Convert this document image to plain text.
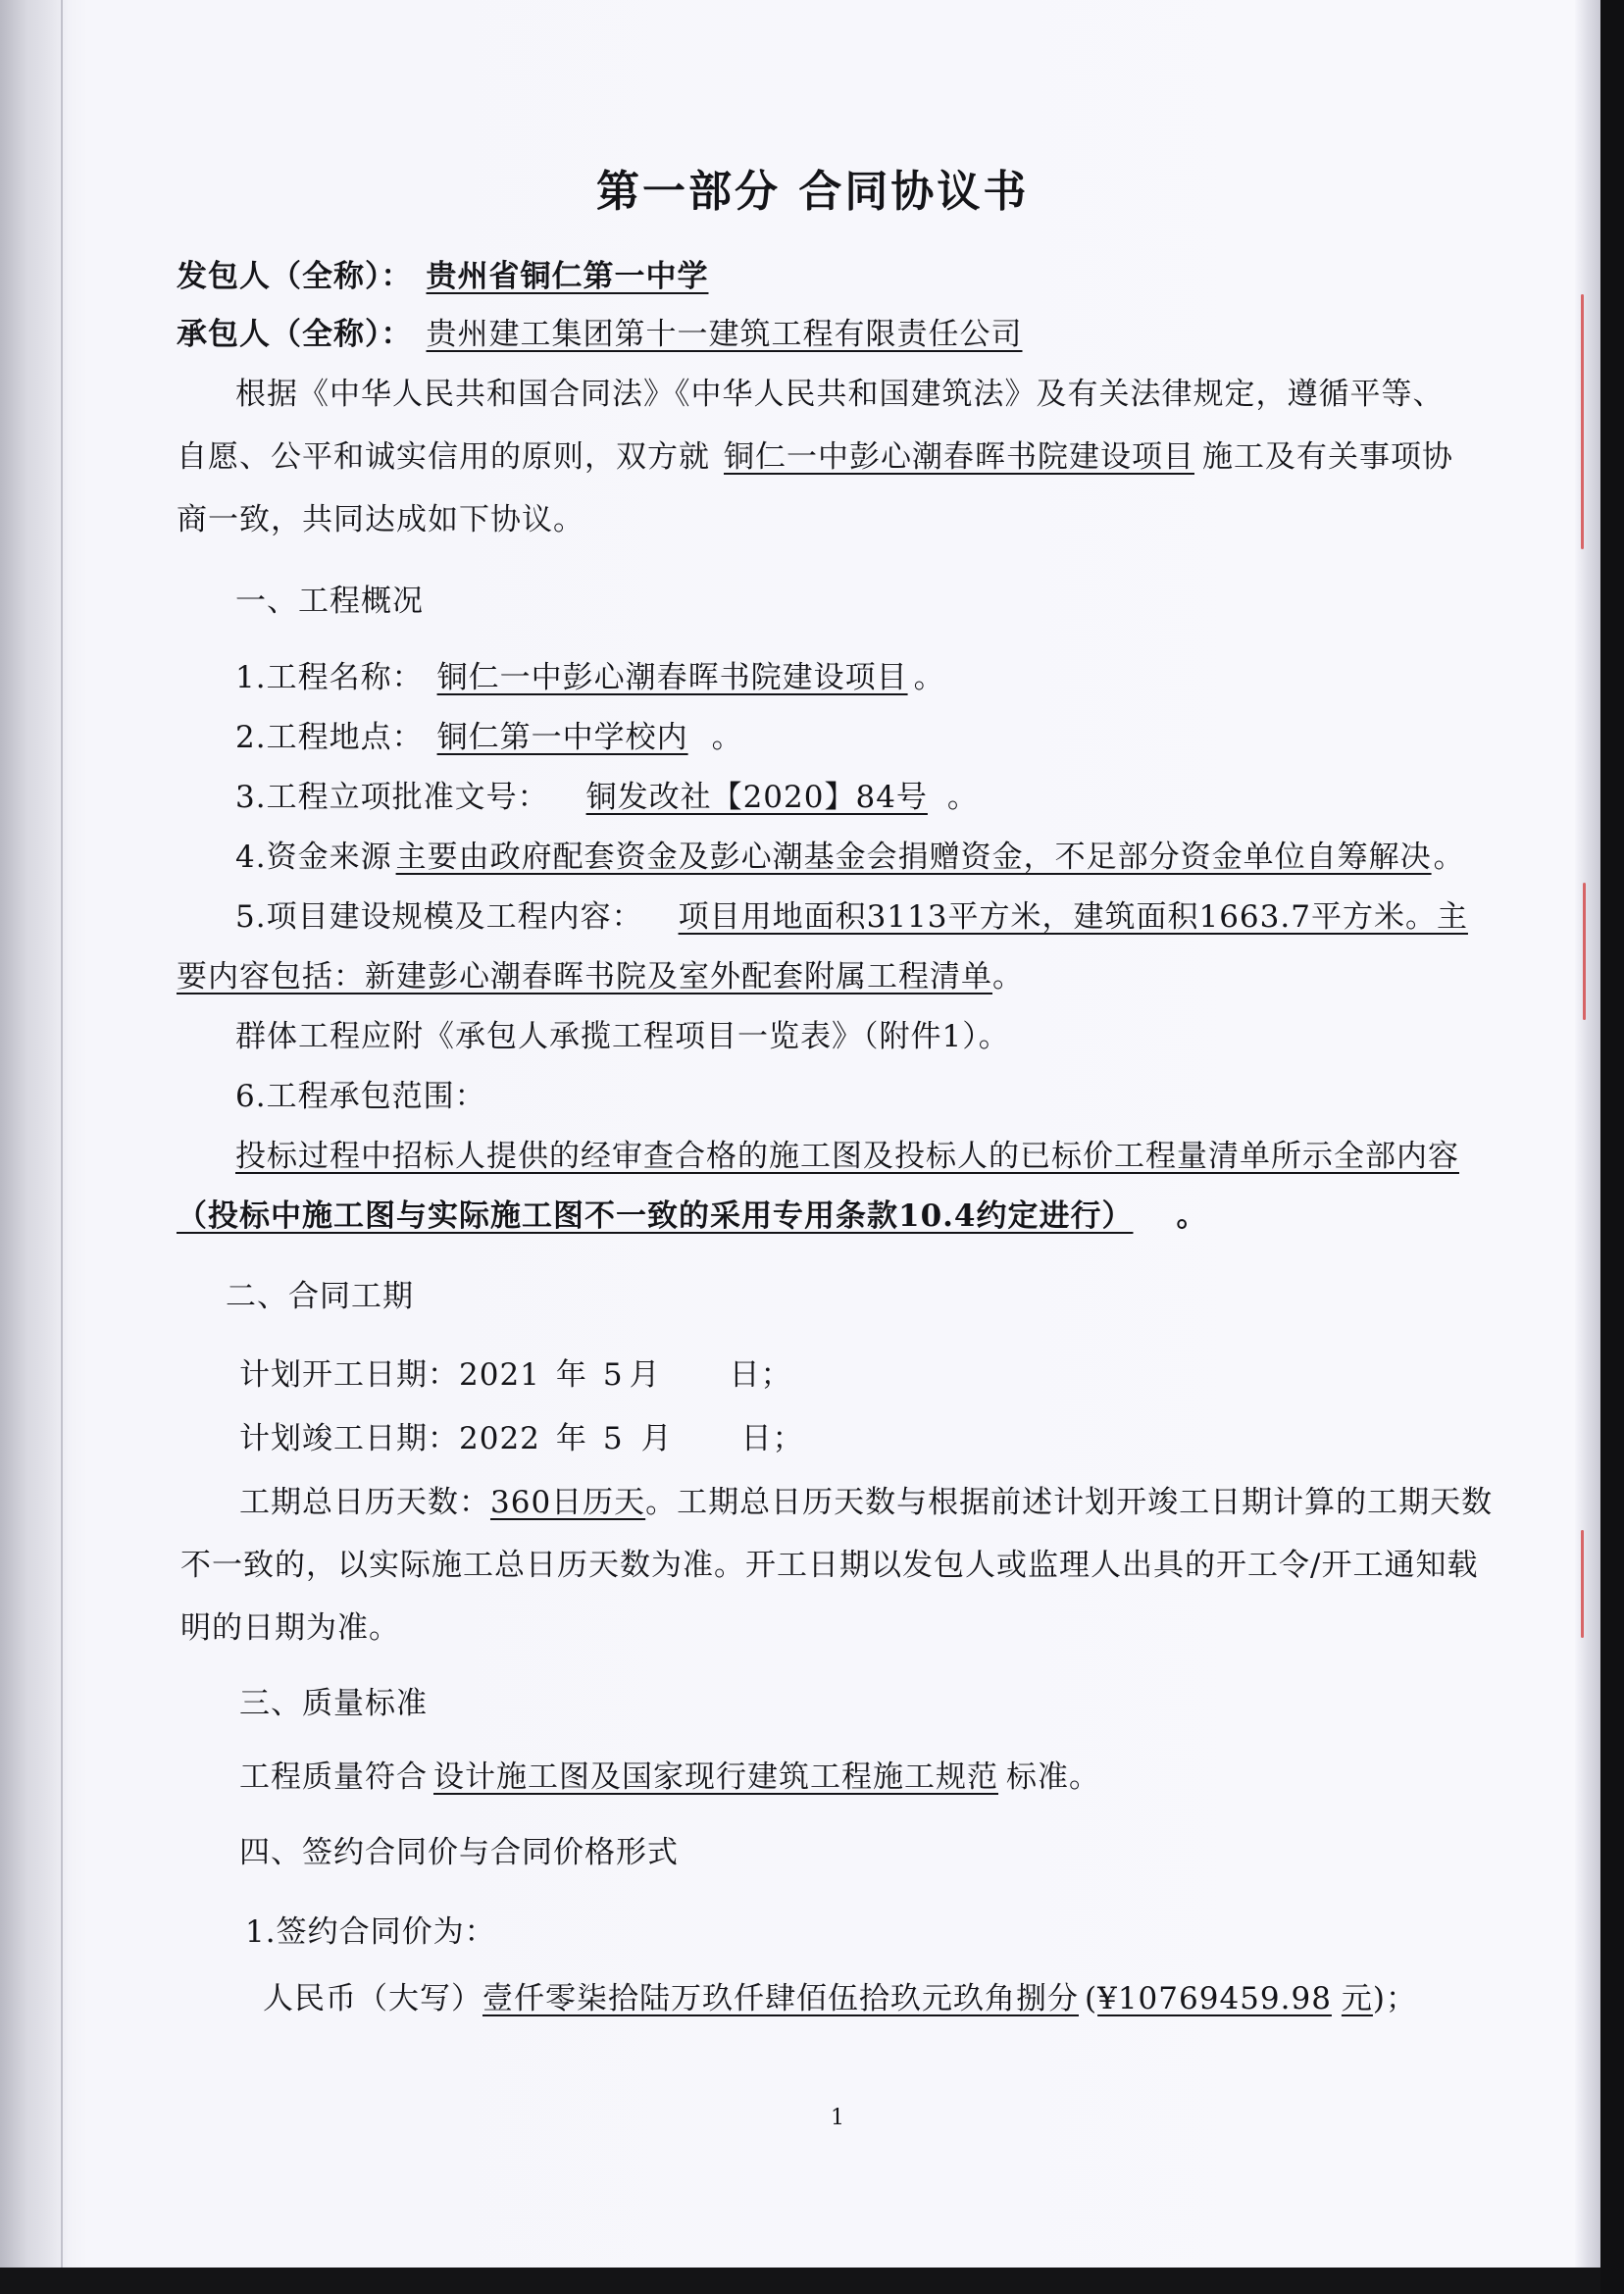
第一部分 合同协议书
发包人（全称）： 贵州省铜仁第一中学
承包人（全称）： 贵州建工集团第十一建筑工程有限责任公司
根据《中华人民共和国合同法》《中华人民共和国建筑法》及有关法律规定，遵循平等、
自愿、公平和诚实信用的原则，双方就 铜仁一中彭心潮春晖书院建设项目 施工及有关事项协
商一致，共同达成如下协议。
一、工程概况
1.工程名称： 铜仁一中彭心潮春晖书院建设项目 。
2.工程地点： 铜仁第一中学校内 。
3.工程立项批准文号： 铜发改社【2020】84号 。
4.资金来源 主要由政府配套资金及彭心潮基金会捐赠资金，不足部分资金单位自筹解决。
5.项目建设规模及工程内容： 项目用地面积3113平方米，建筑面积1663.7平方米。主
要内容包括：新建彭心潮春晖书院及室外配套附属工程清单。
群体工程应附《承包人承揽工程项目一览表》（附件1）。
6.工程承包范围：
投标过程中招标人提供的经审查合格的施工图及投标人的已标价工程量清单所示全部内容
（投标中施工图与实际施工图不一致的采用专用条款10.4约定进行） 。
二、合同工期
计划开工日期：2021 年 5 月 日；
计划竣工日期：2022 年 5 月 日；
工期总日历天数：360日历天。工期总日历天数与根据前述计划开竣工日期计算的工期天数
不一致的，以实际施工总日历天数为准。开工日期以发包人或监理人出具的开工令/开工通知载
明的日期为准。
三、质量标准
工程质量符合 设计施工图及国家现行建筑工程施工规范 标准。
四、签约合同价与合同价格形式
1.签约合同价为：
人民币（大写）壹仟零柒拾陆万玖仟肆佰伍拾玖元玖角捌分 (¥10769459.98 元)；
1
